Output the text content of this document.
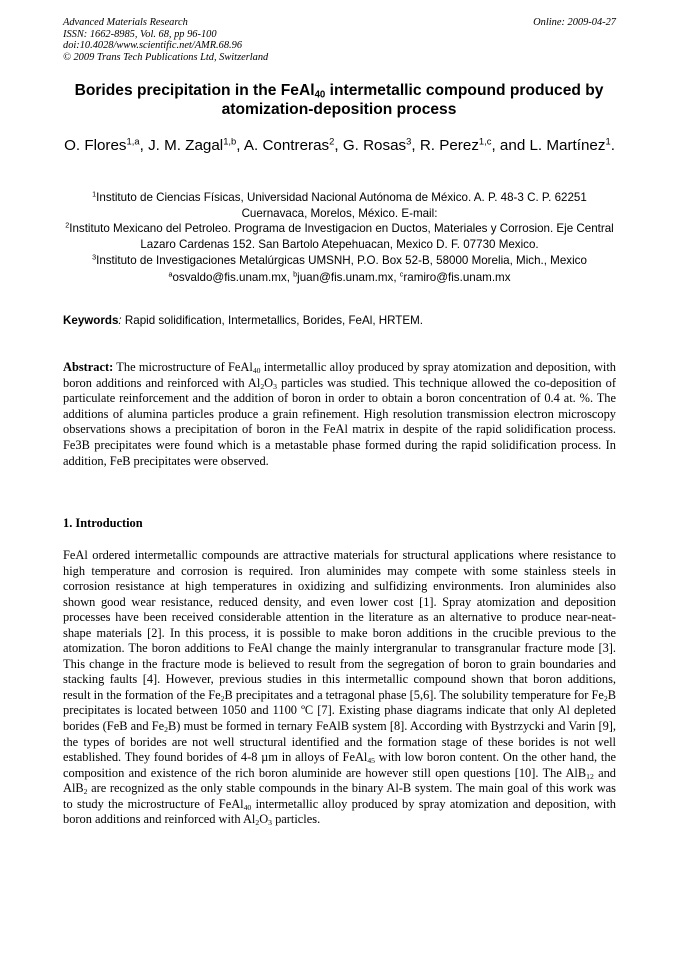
Advanced Materials Research
ISSN: 1662-8985, Vol. 68, pp 96-100
doi:10.4028/www.scientific.net/AMR.68.96
© 2009 Trans Tech Publications Ltd, Switzerland
Online: 2009-04-27
Borides precipitation in the FeAl$_{40}$ intermetallic compound produced by atomization-deposition process
O. Flores$^{1,a}$, J. M. Zagal$^{1,b}$, A. Contreras$^2$, G. Rosas$^3$, R. Perez$^{1,c}$, and L. Martínez$^1$.
$^1$Instituto de Ciencias Físicas, Universidad Nacional Autónoma de México. A. P. 48-3 C. P. 62251 Cuernavaca, Morelos, México. E-mail:
$^2$Instituto Mexicano del Petroleo. Programa de Investigacion en Ductos, Materiales y Corrosion. Eje Central Lazaro Cardenas 152. San Bartolo Atepehuacan, Mexico D. F. 07730 Mexico.
$^3$Instituto de Investigaciones Metalúrgicas UMSNH, P.O. Box 52-B, 58000 Morelia, Mich., Mexico
$^a$osvaldo@fis.unam.mx, $^b$juan@fis.unam.mx, $^c$ramiro@fis.unam.mx
Keywords: Rapid solidification, Intermetallics, Borides, FeAl, HRTEM.
Abstract: The microstructure of FeAl$_{40}$ intermetallic alloy produced by spray atomization and deposition, with boron additions and reinforced with $Al_2O_3$ particles was studied. This technique allowed the co-deposition of particulate reinforcement and the addition of boron in order to obtain a boron concentration of 0.4 at. %. The additions of alumina particles produce a grain refinement. High resolution transmission electron microscopy observations shows a precipitation of boron in the FeAl matrix in despite of the rapid solidification process. Fe3B precipitates were found which is a metastable phase formed during the rapid solidification process. In addition, FeB precipitates were observed.
1. Introduction
FeAl ordered intermetallic compounds are attractive materials for structural applications where resistance to high temperature and corrosion is required. Iron aluminides may compete with some stainless steels in corrosion resistance at high temperatures in oxidizing and sulfidizing environments. Iron aluminides also shown good wear resistance, reduced density, and even lower cost [1]. Spray atomization and deposition processes have been received considerable attention in the literature as an alternative to produce near-neat-shape materials [2]. In this process, it is possible to make boron additions in the crucible previous to the atomization. The boron additions to FeAl change the mainly intergranular to transgranular fracture mode [3]. This change in the fracture mode is believed to result from the segregation of boron to grain boundaries and stacking faults [4]. However, previous studies in this intermetallic compound shown that boron additions, result in the formation of the $Fe_2B$ precipitates and a tetragonal phase [5,6]. The solubility temperature for $Fe_2B$ precipitates is located between 1050 and 1100 ºC [7]. Existing phase diagrams indicate that only Al depleted borides (FeB and $Fe_2B$) must be formed in ternary FeAlB system [8]. According with Bystrzycki and Varin [9], the types of borides are not well structural identified and the formation stage of these borides is not well established. They found borides of 4-8 µm in alloys of FeAl$_{45}$ with low boron content. On the other hand, the composition and existence of the rich boron aluminide are however still open questions [10]. The AlB$_{12}$ and AlB$_2$ are recognized as the only stable compounds in the binary Al-B system. The main goal of this work was to study the microstructure of FeAl$_{40}$ intermetallic alloy produced by spray atomization and deposition, with boron additions and reinforced with $Al_2O_3$ particles.
